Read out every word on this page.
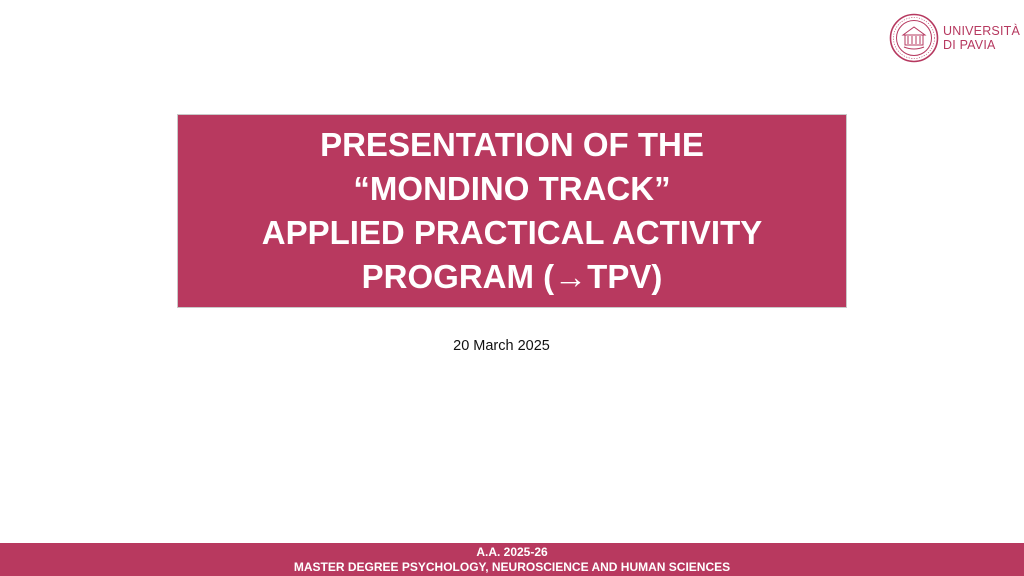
UNIVERSITÀ
DI PAVIA
PRESENTATION OF THE
“MONDINO TRACK”
APPLIED PRACTICAL ACTIVITY
PROGRAM (→TPV)
20 March 2025
A.A. 2025-26
MASTER DEGREE PSYCHOLOGY, NEUROSCIENCE AND HUMAN SCIENCES
